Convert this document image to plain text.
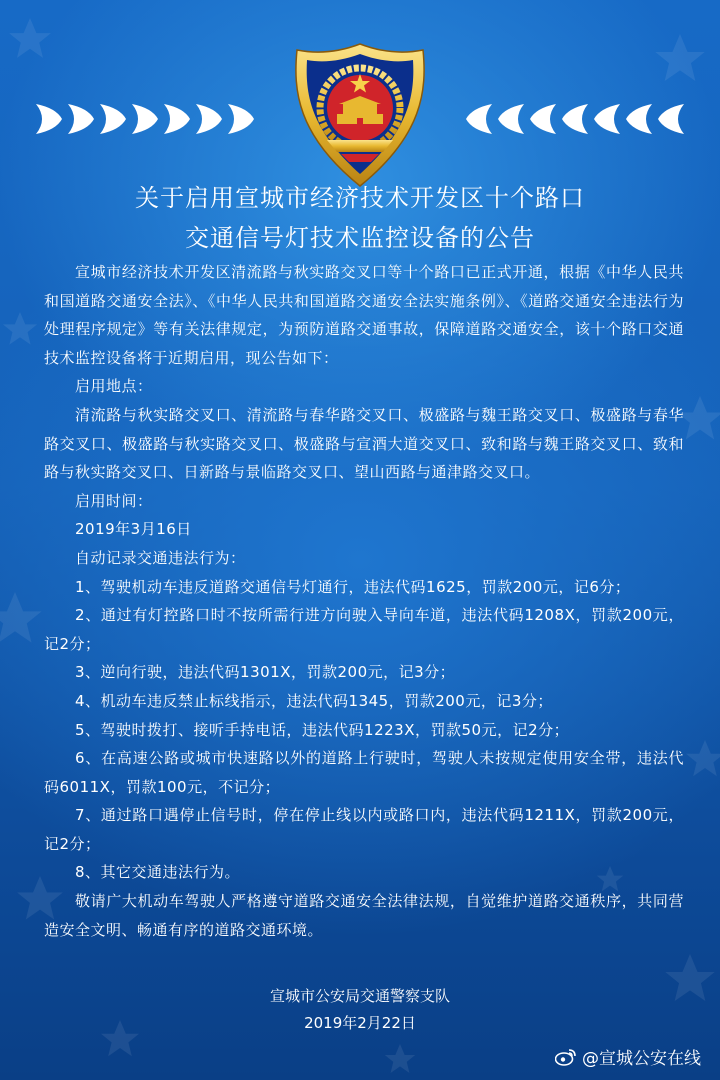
关于启用宣城市经济技术开发区十个路口
交通信号灯技术监控设备的公告

宣城市经济技术开发区清流路与秋实路交叉口等十个路口已正式开通，根据《中华人民共和国道路交通安全法》、《中华人民共和国道路交通安全法实施条例》、《道路交通安全违法行为处理程序规定》等有关法律规定，为预防道路交通事故，保障道路交通安全，该十个路口交通技术监控设备将于近期启用，现公告如下：

启用地点：

清流路与秋实路交叉口、清流路与春华路交叉口、极盛路与魏王路交叉口、极盛路与春华路交叉口、极盛路与秋实路交叉口、极盛路与宣酒大道交叉口、致和路与魏王路交叉口、致和路与秋实路交叉口、日新路与景临路交叉口、望山西路与通津路交叉口。

启用时间：

2019年3月16日

自动记录交通违法行为：

1、驾驶机动车违反道路交通信号灯通行，违法代码1625，罚款200元，记6分；

2、通过有灯控路口时不按所需行进方向驶入导向车道，违法代码1208X，罚款200元，记2分；

3、逆向行驶，违法代码1301X，罚款200元，记3分；

4、机动车违反禁止标线指示，违法代码1345，罚款200元，记3分；

5、驾驶时拨打、接听手持电话，违法代码1223X，罚款50元，记2分；

6、在高速公路或城市快速路以外的道路上行驶时，驾驶人未按规定使用安全带，违法代码6011X，罚款100元，不记分；

7、通过路口遇停止信号时，停在停止线以内或路口内，违法代码1211X，罚款200元，记2分；

8、其它交通违法行为。

敬请广大机动车驾驶人严格遵守道路交通安全法律法规，自觉维护道路交通秩序，共同营造安全文明、畅通有序的道路交通环境。

宣城市公安局交通警察支队
2019年2月22日
@宣城公安在线
